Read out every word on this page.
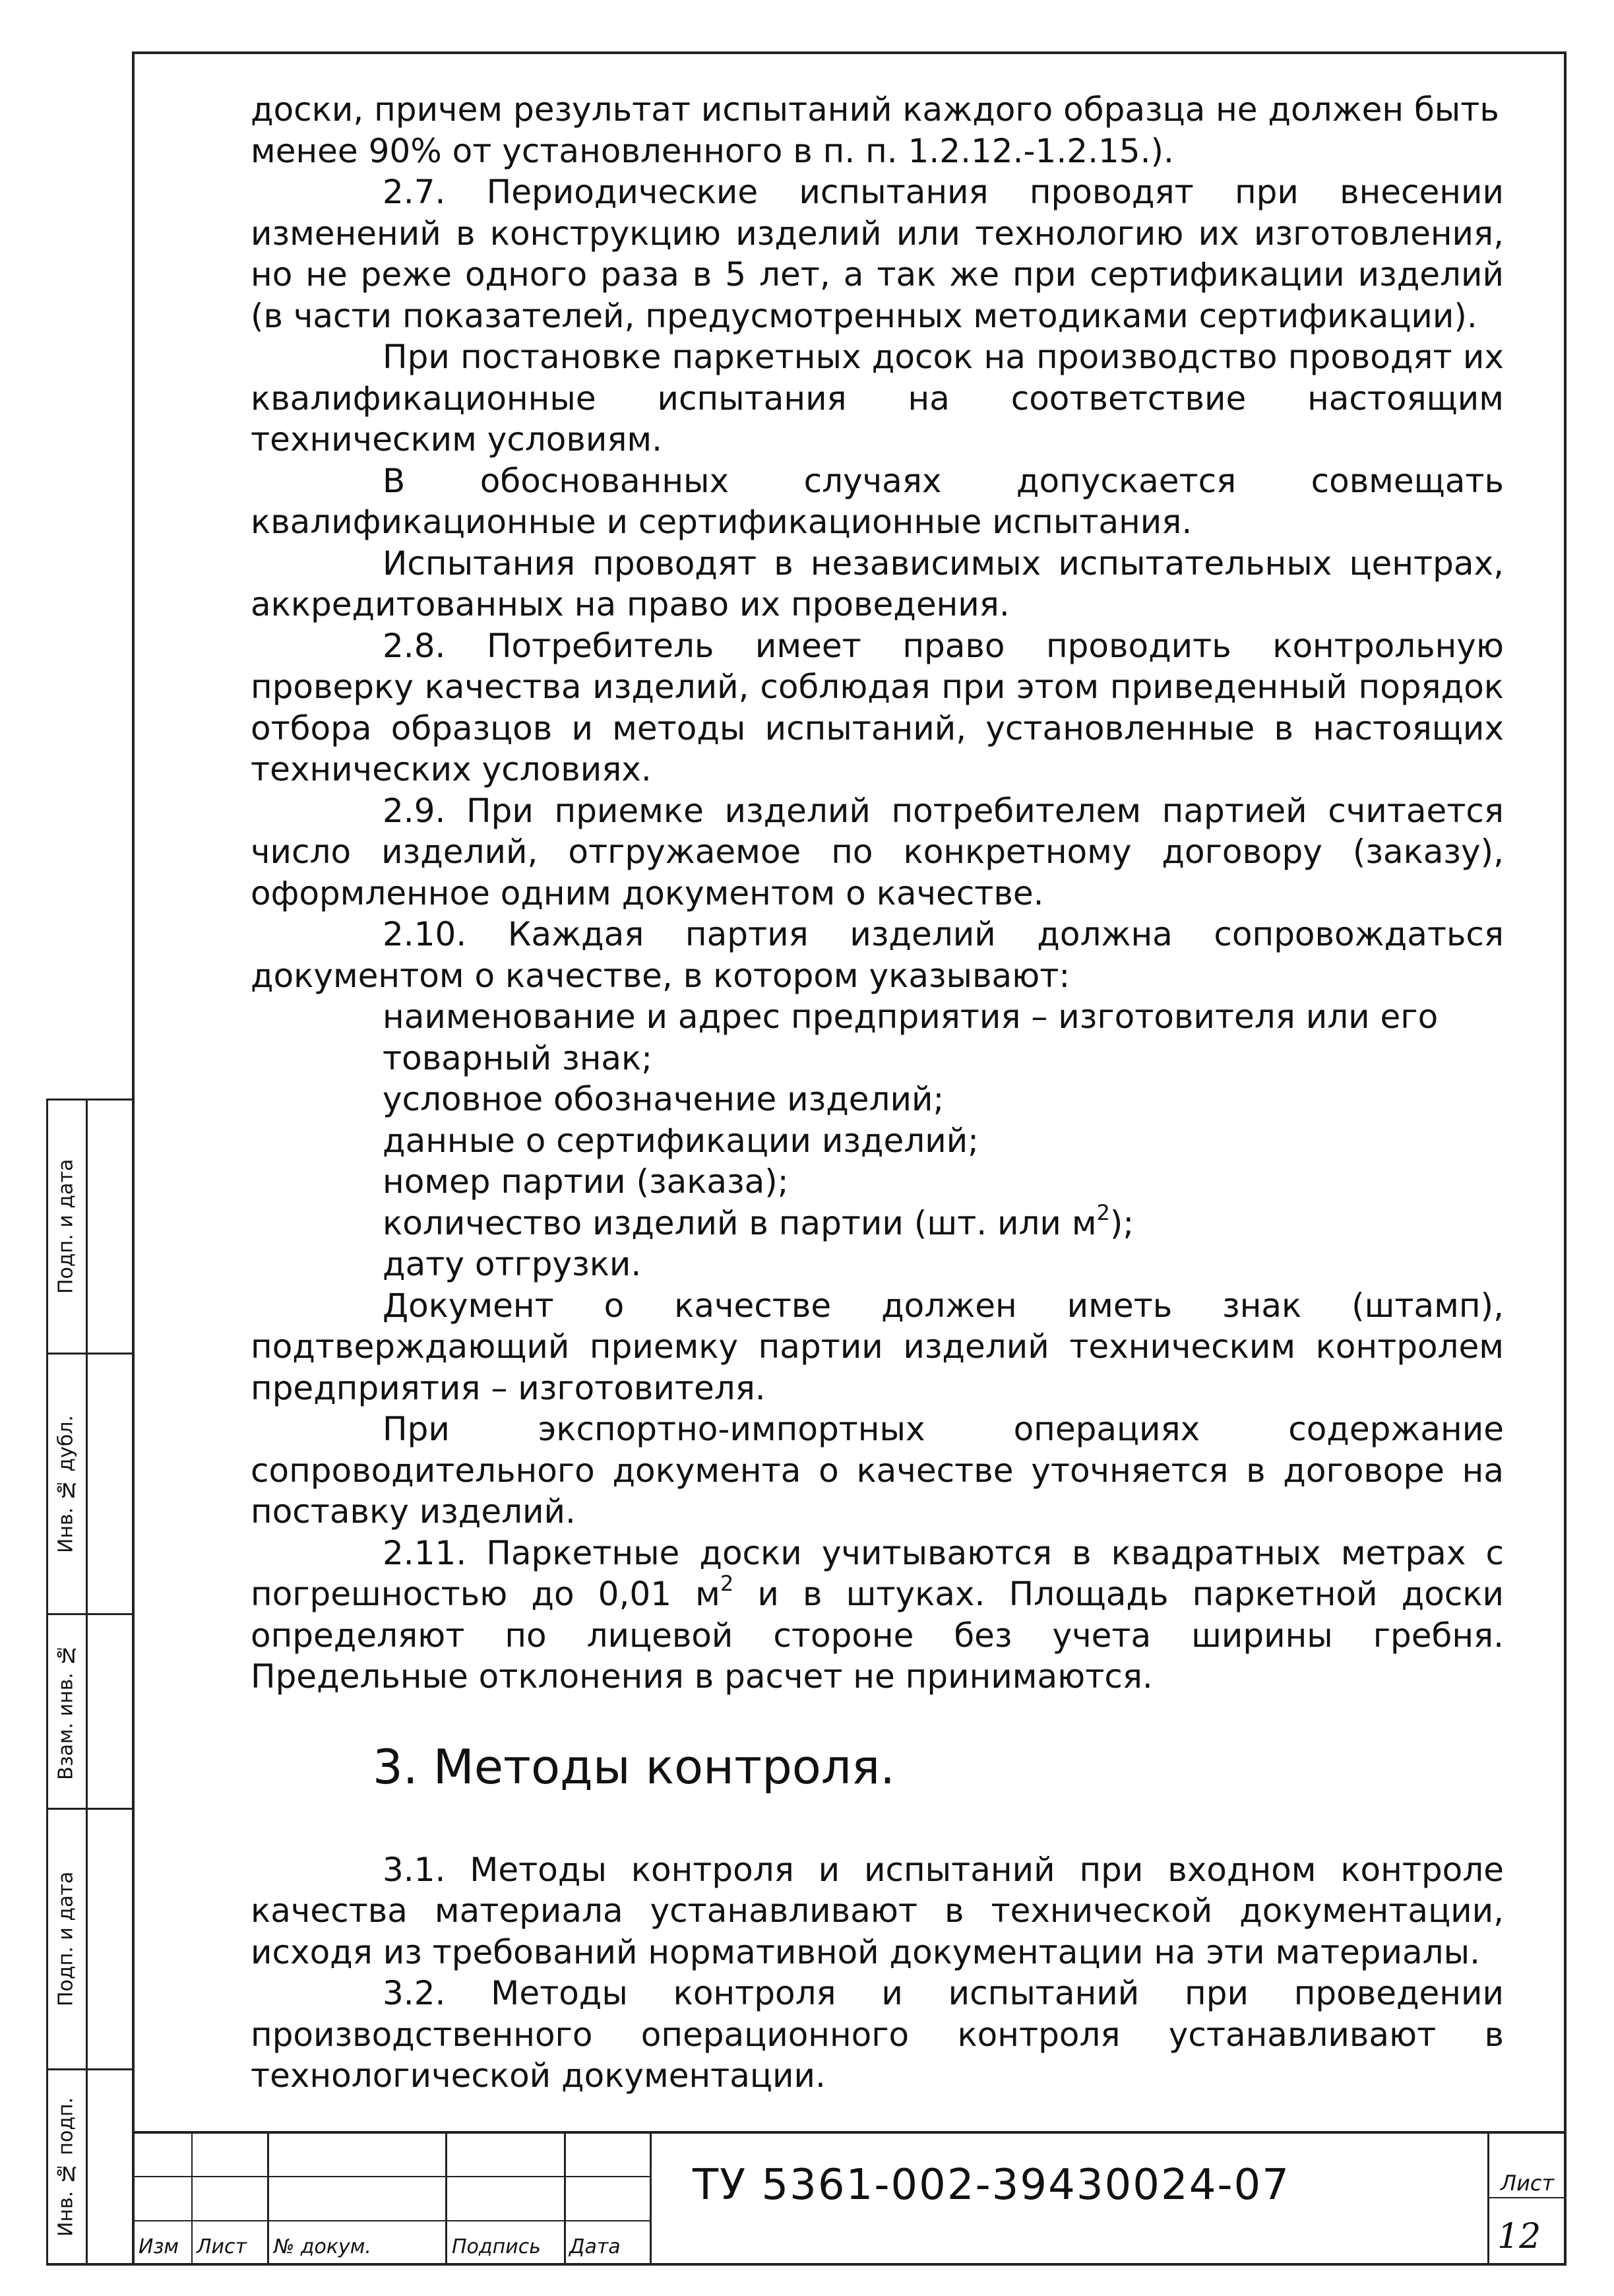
Подп. и дата
Инв. № дубл.
Взам. инв. №
Подп. и дата
Инв. № подп.
Изм Лист № докум.	Подпись Дата
ТУ 5361-002-39430024-07	Лист
12

доски, причем результат испытаний каждого образца не должен быть

менее 90% от установленного в п. п. 1.2.12.-1.2.15.).

2.7. Периодические испытания проводят при внесении изменений в конструкцию изделий или технологию их изготовления, но не реже одного раза в 5 лет, а так же при сертификации изделий (в части показателей, предусмотренных методиками сертификации).

При постановке паркетных досок на производство проводят их квалификационные испытания на соответствие настоящим техническим условиям.

В обоснованных случаях допускается совмещать квалификационные и сертификационные испытания.

Испытания проводят в независимых испытательных центрах, аккредитованных на право их проведения.

2.8. Потребитель имеет право проводить контрольную проверку качества изделий, соблюдая при этом приведенный порядок отбора образцов и методы испытаний, установленные в настоящих технических условиях.

2.9. При приемке изделий потребителем партией считается число изделий, отгружаемое по конкретному договору (заказу), оформленное одним документом о качестве.

2.10. Каждая партия изделий должна сопровождаться документом о качестве, в котором указывают:

наименование и адрес предприятия – изготовителя или его товарный знак;
условное обозначение изделий;
данные о сертификации изделий;
номер партии (заказа);
количество изделий в партии (шт. или $м^2$);
дату отгрузки.

Документ о качестве должен иметь знак (штамп), подтверждающий приемку партии изделий техническим контролем предприятия – изготовителя.

При экспортно-импортных операциях содержание сопроводительного документа о качестве уточняется в договоре на поставку изделий.

2.11. Паркетные доски учитываются в квадратных метрах с погрешностью до 0,01 $м^2$ и в штуках. Площадь паркетной доски определяют по лицевой стороне без учета ширины гребня. Предельные отклонения в расчет не принимаются.

3. Методы контроля.

3.1. Методы контроля и испытаний при входном контроле качества материала устанавливают в технической документации, исходя из требований нормативной документации на эти материалы.

3.2. Методы контроля и испытаний при проведении производственного операционного контроля устанавливают в технологической документации.
